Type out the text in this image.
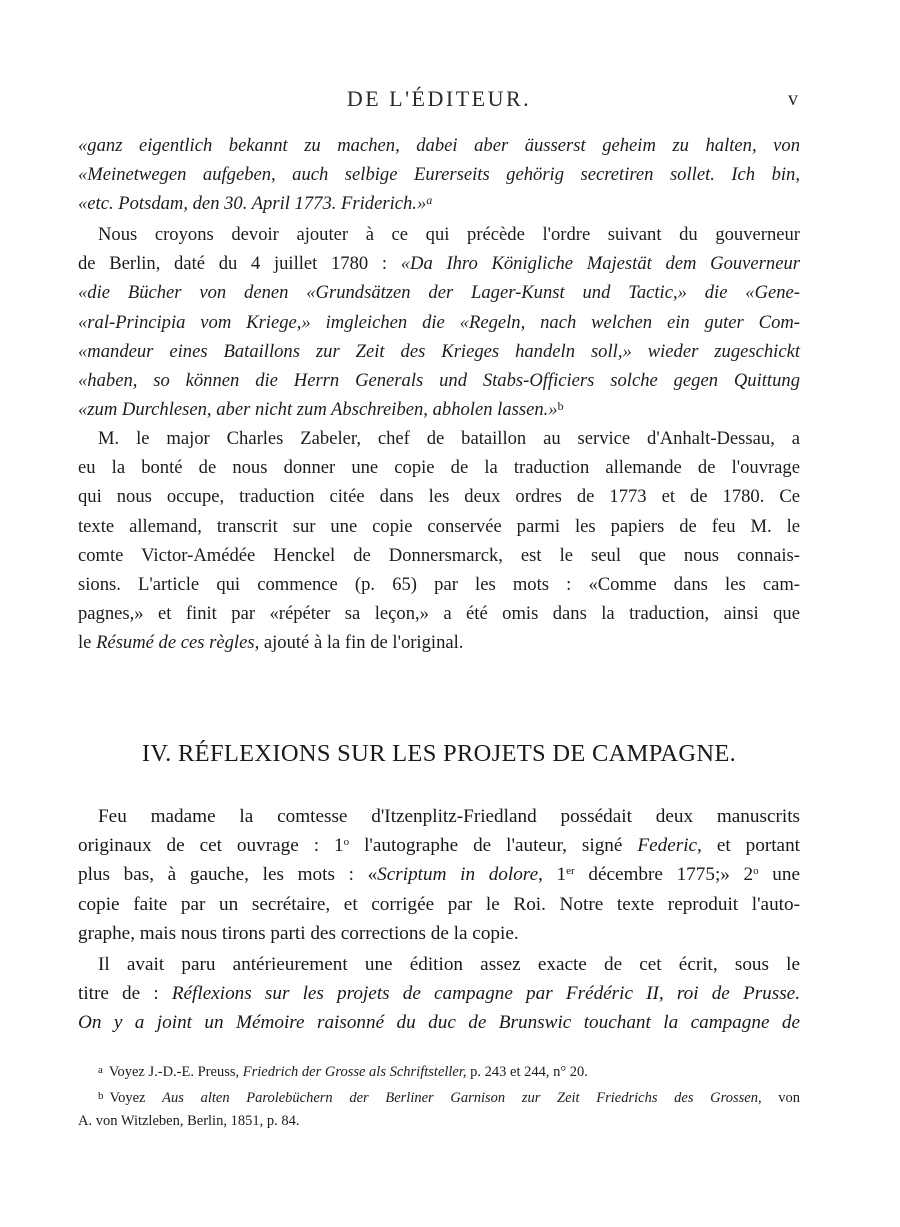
DE L'ÉDITEUR.	v
«ganz eigentlich bekannt zu machen, dabei aber äusserst geheim zu halten, von
«Meinetwegen aufgeben, auch selbige Eurerseits gehörig secretiren sollet. Ich bin,
«etc. Potsdam, den 30. April 1773. Friderich.»$^a$
Nous croyons devoir ajouter à ce qui précède l'ordre suivant du gouverneur
de Berlin, daté du 4 juillet 1780 : «Da Ihro Königliche Majestät dem Gouverneur
«die Bücher von denen «Grundsätzen der Lager-Kunst und Tactic,» die «Gene-
«ral-Principia vom Kriege,» imgleichen die «Regeln, nach welchen ein guter Com-
«mandeur eines Bataillons zur Zeit des Krieges handeln soll,» wieder zugeschickt
«haben, so können die Herrn Generals und Stabs-Officiers solche gegen Quittung
«zum Durchlesen, aber nicht zum Abschreiben, abholen lassen.»$^b$
M. le major Charles Zabeler, chef de bataillon au service d'Anhalt-Dessau, a
eu la bonté de nous donner une copie de la traduction allemande de l'ouvrage
qui nous occupe, traduction citée dans les deux ordres de 1773 et de 1780. Ce
texte allemand, transcrit sur une copie conservée parmi les papiers de feu M. le
comte Victor-Amédée Henckel de Donnersmarck, est le seul que nous connais-
sions. L'article qui commence (p. 65) par les mots : «Comme dans les cam-
pagnes,» et finit par «répéter sa leçon,» a été omis dans la traduction, ainsi que
le Résumé de ces règles, ajouté à la fin de l'original.
IV. RÉFLEXIONS SUR LES PROJETS DE CAMPAGNE.
Feu madame la comtesse d'Itzenplitz-Friedland possédait deux manuscrits
originaux de cet ouvrage : 1$^o$ l'autographe de l'auteur, signé Federic, et portant
plus bas, à gauche, les mots : «Scriptum in dolore, 1er décembre 1775;» 2$^o$ une
copie faite par un secrétaire, et corrigée par le Roi. Notre texte reproduit l'auto-
graphe, mais nous tirons parti des corrections de la copie.
Il avait paru antérieurement une édition assez exacte de cet écrit, sous le
titre de : Réflexions sur les projets de campagne par Frédéric II, roi de Prusse.
On y a joint un Mémoire raisonné du duc de Brunswic touchant la campagne de
$^a$ Voyez J.-D.-E. Preuss, Friedrich der Grosse als Schriftsteller, p. 243 et 244, n° 20.
$^b$ Voyez Aus alten Parolebüchern der Berliner Garnison zur Zeit Friedrichs des Grossen, von
A. von Witzleben, Berlin, 1851, p. 84.
